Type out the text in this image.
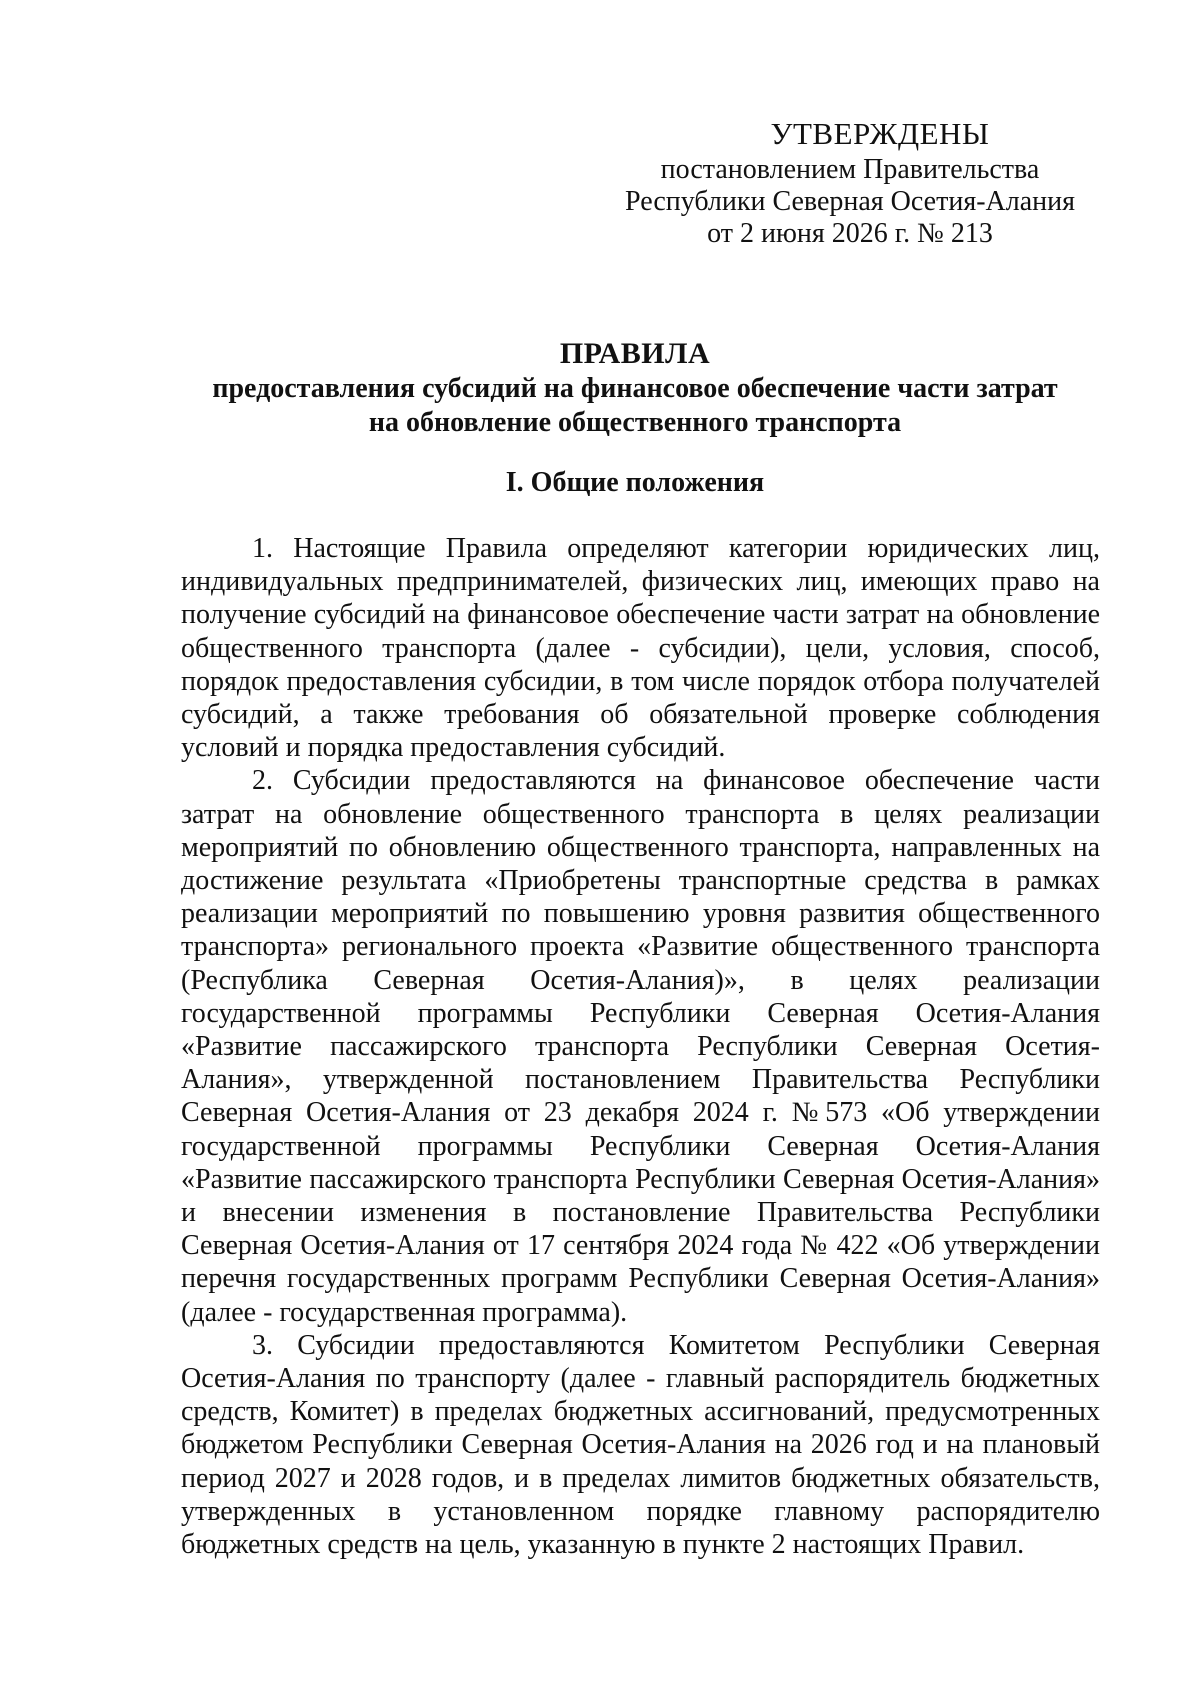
УТВЕРЖДЕНЫ
постановлением Правительства
Республики Северная Осетия-Алания
от 2 июня 2026 г. № 213
ПРАВИЛА
предоставления субсидий на финансовое обеспечение части затрат
на обновление общественного транспорта
I. Общие положения

1. Настоящие Правила определяют категории юридических лиц, индивидуальных предпринимателей, физических лиц, имеющих право на получение субсидий на финансовое обеспечение части затрат на обновление общественного транспорта (далее - субсидии), цели, условия, способ, порядок предоставления субсидии, в том числе порядок отбора получателей субсидий, а также требования об обязательной проверке соблюдения условий и порядка предоставления субсидий.

2. Субсидии предоставляются на финансовое обеспечение части затрат на обновление общественного транспорта в целях реализации мероприятий по обновлению общественного транспорта, направленных на достижение результата «Приобретены транспортные средства в рамках реализации мероприятий по повышению уровня развития общественного транспорта» регионального проекта «Развитие общественного транспорта (Республика Северная Осетия-Алания)», в целях реализации государственной программы Республики Северная Осетия-Алания «Развитие пассажирского транспорта Республики Северная Осетия-Алания», утвержденной постановлением Правительства Республики Северная Осетия-Алания от 23 декабря 2024 г. №573 «Об утверждении государственной программы Республики Северная Осетия-Алания «Развитие пассажирского транспорта Республики Северная Осетия-Алания» и внесении изменения в постановление Правительства Республики Северная Осетия-Алания от 17 сентября 2024 года № 422 «Об утверждении перечня государственных программ Республики Северная Осетия-Алания» (далее - государственная программа).

3. Субсидии предоставляются Комитетом Республики Северная Осетия-Алания по транспорту (далее - главный распорядитель бюджетных средств, Комитет) в пределах бюджетных ассигнований, предусмотренных бюджетом Республики Северная Осетия-Алания на 2026 год и на плановый период 2027 и 2028 годов, и в пределах лимитов бюджетных обязательств, утвержденных в установленном порядке главному распорядителю бюджетных средств на цель, указанную в пункте 2 настоящих Правил.
